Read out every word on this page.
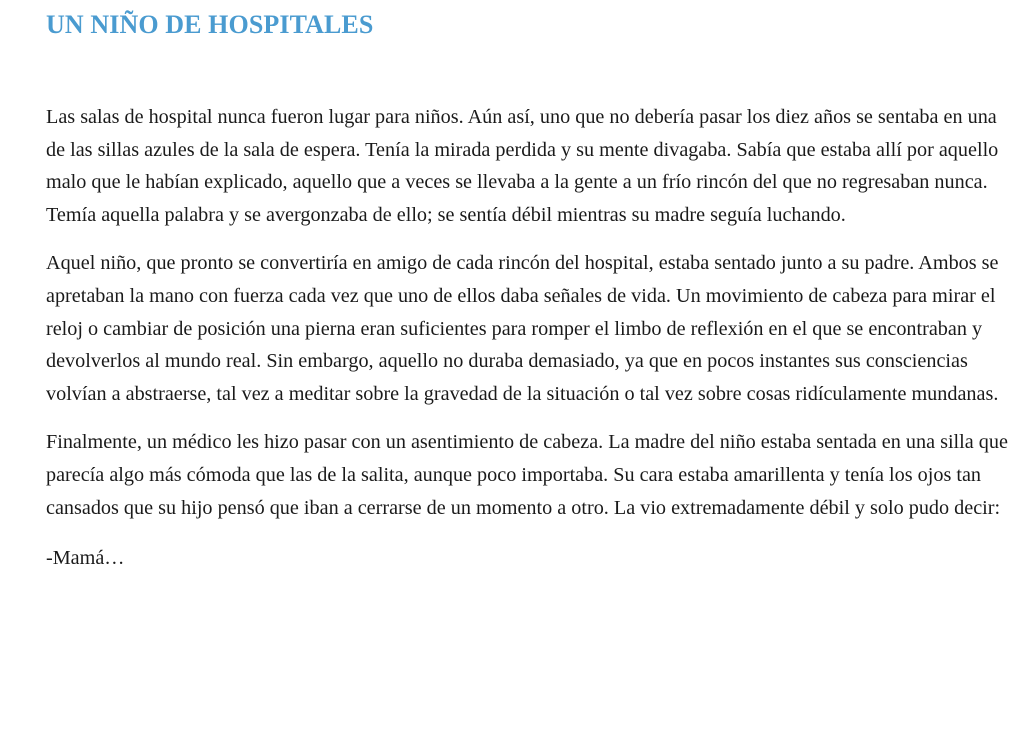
UN NIÑO DE HOSPITALES

Las salas de hospital nunca fueron lugar para niños. Aún así, uno que no debería pasar los diez años se sentaba en una de las sillas azules de la sala de espera. Tenía la mirada perdida y su mente divagaba. Sabía que estaba allí por aquello malo que le habían explicado, aquello que a veces se llevaba a la gente a un frío rincón del que no regresaban nunca. Temía aquella palabra y se avergonzaba de ello; se sentía débil mientras su madre seguía luchando.

Aquel niño, que pronto se convertiría en amigo de cada rincón del hospital, estaba sentado junto a su padre. Ambos se apretaban la mano con fuerza cada vez que uno de ellos daba señales de vida. Un movimiento de cabeza para mirar el reloj o cambiar de posición una pierna eran suficientes para romper el limbo de reflexión en el que se encontraban y devolverlos al mundo real. Sin embargo, aquello no duraba demasiado, ya que en pocos instantes sus consciencias volvían a abstraerse, tal vez a meditar sobre la gravedad de la situación o tal vez sobre cosas ridículamente mundanas.

Finalmente, un médico les hizo pasar con un asentimiento de cabeza. La madre del niño estaba sentada en una silla que parecía algo más cómoda que las de la salita, aunque poco importaba. Su cara estaba amarillenta y tenía los ojos tan cansados que su hijo pensó que iban a cerrarse de un momento a otro. La vio extremadamente débil y solo pudo decir:

-Mamá…
